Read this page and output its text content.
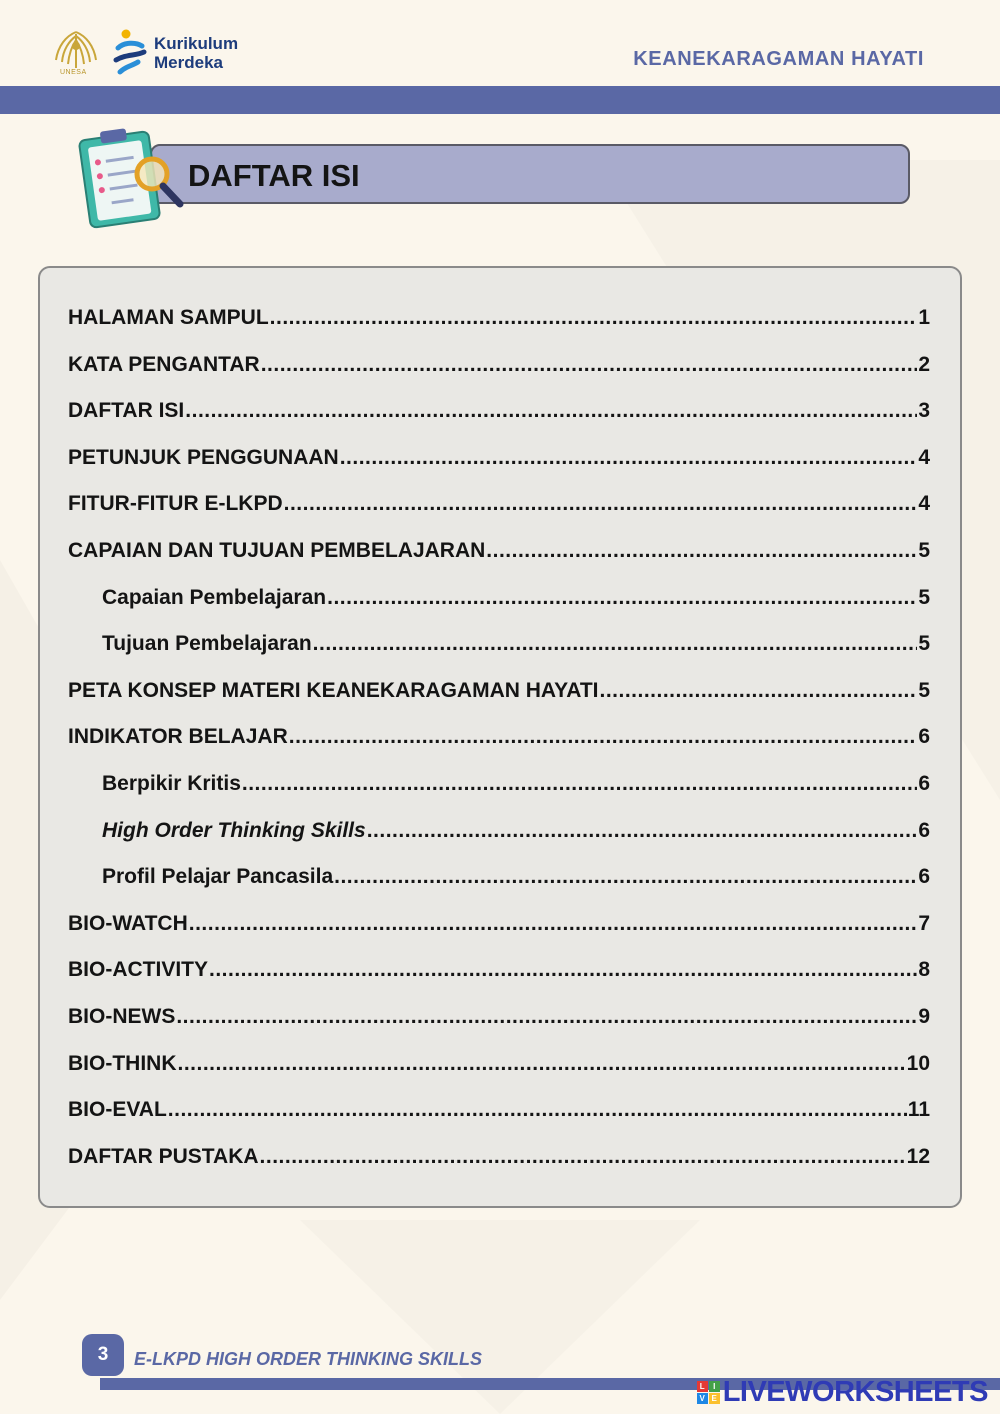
UNESA
Kurikulum
Merdeka	KEANEKARAGAMAN HAYATI
DAFTAR ISI
HALAMAN SAMPUL .....	1
KATA PENGANTAR .....	2
DAFTAR ISI .....	3
PETUNJUK PENGGUNAAN .....	4
FITUR-FITUR E-LKPD .....	4
CAPAIAN DAN TUJUAN PEMBELAJARAN .....	5
Capaian Pembelajaran .....	5
Tujuan Pembelajaran .....	5
PETA KONSEP MATERI KEANEKARAGAMAN HAYATI .....	5
INDIKATOR BELAJAR .....	6
Berpikir Kritis .....	6
High Order Thinking Skills .....	6
Profil Pelajar Pancasila .....	6
BIO-WATCH .....	7
BIO-ACTIVITY .....	8
BIO-NEWS .....	9
BIO-THINK .....	10
BIO-EVAL .....	11
DAFTAR PUSTAKA .....	12
3	E-LKPD HIGH ORDER THINKING SKILLS
L	I
V E LIVEWORKSHEETS
